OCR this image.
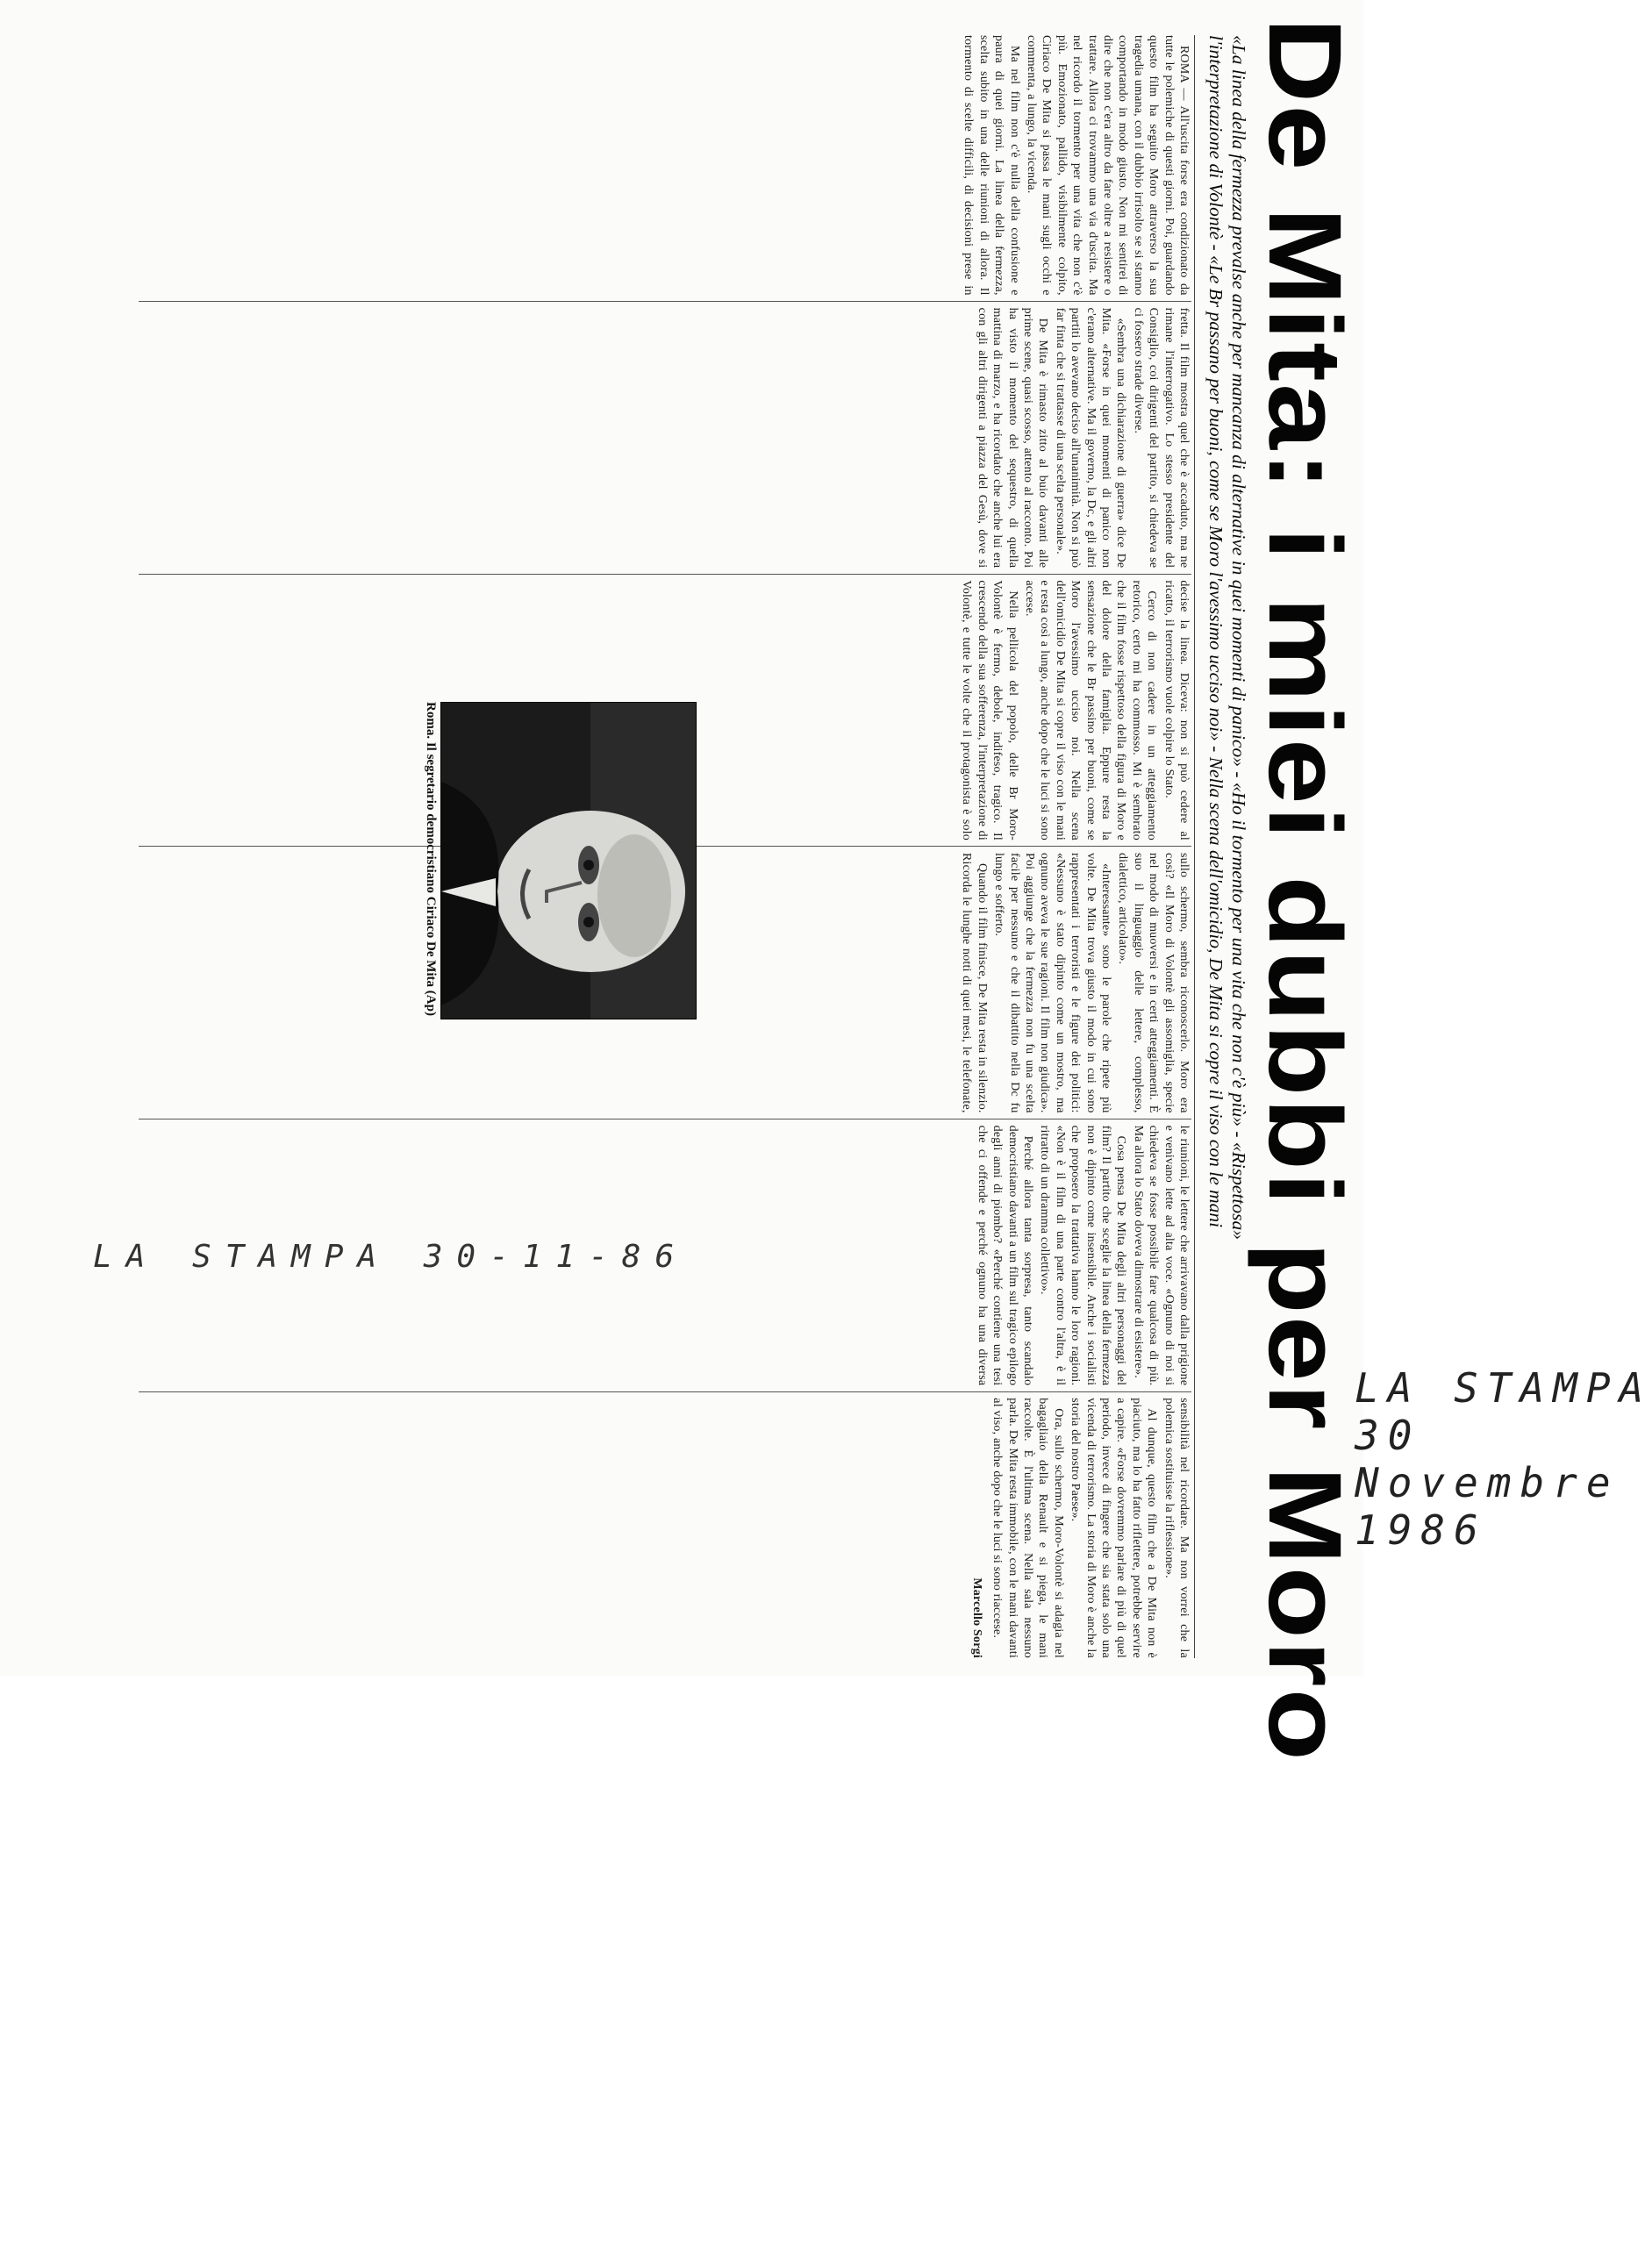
De Mita: i miei dubbi per Moro
«La linea della fermezza prevalse anche per mancanza di alternative in quei momenti di panico» - «Ho il tormento per una vita che non c'è più» - «Rispettosa»
l'interpretazione di Volontè - «Le Br passano per buoni, come se Moro l'avessimo ucciso noi» - Nella scena dell'omicidio, De Mita si copre il viso con le mani

ROMA — All'uscita forse era condizionato da tutte le polemiche di questi giorni. Poi, guardando questo film ha seguito Moro attraverso la sua tragedia umana, con il dubbio irrisolto se si stanno comportando in modo giusto. Non mi sentirei di dire che non c'era altro da fare oltre a resistere o trattare. Allora ci trovammo una via d'uscita. Ma nel ricordo il tormento per una vita che non c'è più. Emozionato, pallido, visibilmente colpito, Ciriaco De Mita si passa le mani sugli occhi e commenta, a lungo, la vicenda.

Ma nel film non c'è nulla della confusione e paura di quei giorni. La linea della fermezza, scelta subito in una delle riunioni di allora. Il tormento di scelte difficili, di decisioni prese in fretta. Il film mostra quel che è accaduto, ma ne rimane l'interrogativo. Lo stesso presidente del Consiglio, coi dirigenti del partito, si chiedeva se ci fossero strade diverse.

«Sembra una dichiarazione di guerra» dice De Mita. «Forse in quei momenti di panico non c'erano alternative. Ma il governo, la Dc, e gli altri partiti lo avevano deciso all'unanimità. Non si può far finta che si trattasse di una scelta personale».

De Mita è rimasto zitto al buio davanti alle prime scene, quasi scosso, attento al racconto. Poi ha visto il momento del sequestro, di quella mattina di marzo, e ha ricordato che anche lui era con gli altri dirigenti a piazza del Gesù, dove si decise la linea. Diceva: non si può cedere al ricatto, il terrorismo vuole colpire lo Stato.

Cerco di non cadere in un atteggiamento retorico, certo mi ha commosso. Mi è sembrato che il film fosse rispettoso della figura di Moro e del dolore della famiglia. Eppure resta la sensazione che le Br passino per buoni, come se Moro l'avessimo ucciso noi. Nella scena dell'omicidio De Mita si copre il viso con le mani e resta così a lungo, anche dopo che le luci si sono accese.

Nella pellicola del popolo, delle Br Moro-Volontè è fermo, debole, indifeso, tragico. Il crescendo della sua sofferenza, l'interpretazione di Volontè, e tutte le volte che il protagonista è solo sullo schermo, sembra riconoscerlo. Moro era così? «Il Moro di Volontè gli assomiglia, specie nel modo di muoversi e in certi atteggiamenti. È suo il linguaggio delle lettere, complesso, dialettico, articolato».

«Interessante» sono le parole che ripete più volte. De Mita trova giusto il modo in cui sono rappresentati i terroristi e le figure dei politici: «Nessuno è stato dipinto come un mostro, ma ognuno aveva le sue ragioni. Il film non giudica». Poi aggiunge che la fermezza non fu una scelta facile per nessuno e che il dibattito nella Dc fu lungo e sofferto.

Quando il film finisce, De Mita resta in silenzio. Ricorda le lunghe notti di quei mesi, le telefonate, le riunioni, le lettere che arrivavano dalla prigione e venivano lette ad alta voce. «Ognuno di noi si chiedeva se fosse possibile fare qualcosa di più. Ma allora lo Stato doveva dimostrare di esistere».

Cosa pensa De Mita degli altri personaggi del film? Il partito che sceglie la linea della fermezza non è dipinto come insensibile. Anche i socialisti che proposero la trattativa hanno le loro ragioni. «Non è il film di una parte contro l'altra, è il ritratto di un dramma collettivo».

Perché allora tanta sorpresa, tanto scandalo democristiano davanti a un film sul tragico epilogo degli anni di piombo? «Perché contiene una tesi che ci offende e perché ognuno ha una diversa sensibilità nel ricordare. Ma non vorrei che la polemica sostituisse la riflessione».

Al dunque, questo film che a De Mita non è piaciuto, ma lo ha fatto riflettere, potrebbe servire a capire. «Forse dovremmo parlare di più di quel periodo, invece di fingere che sia stata solo una vicenda di terrorismo. La storia di Moro è anche la storia del nostro Paese».

Ora, sullo schermo, Moro-Volontè si adagia nel bagagliaio della Renault e si piega, le mani raccolte. È l'ultima scena. Nella sala nessuno parla. De Mita resta immobile, con le mani davanti al viso, anche dopo che le luci si sono riaccese.

Marcello Sorgi
Roma. Il segretario democristiano Ciriaco De Mita (Ap)
LA STAMPA
30
Novembre
1986
LA STAMPA 30-11-86
